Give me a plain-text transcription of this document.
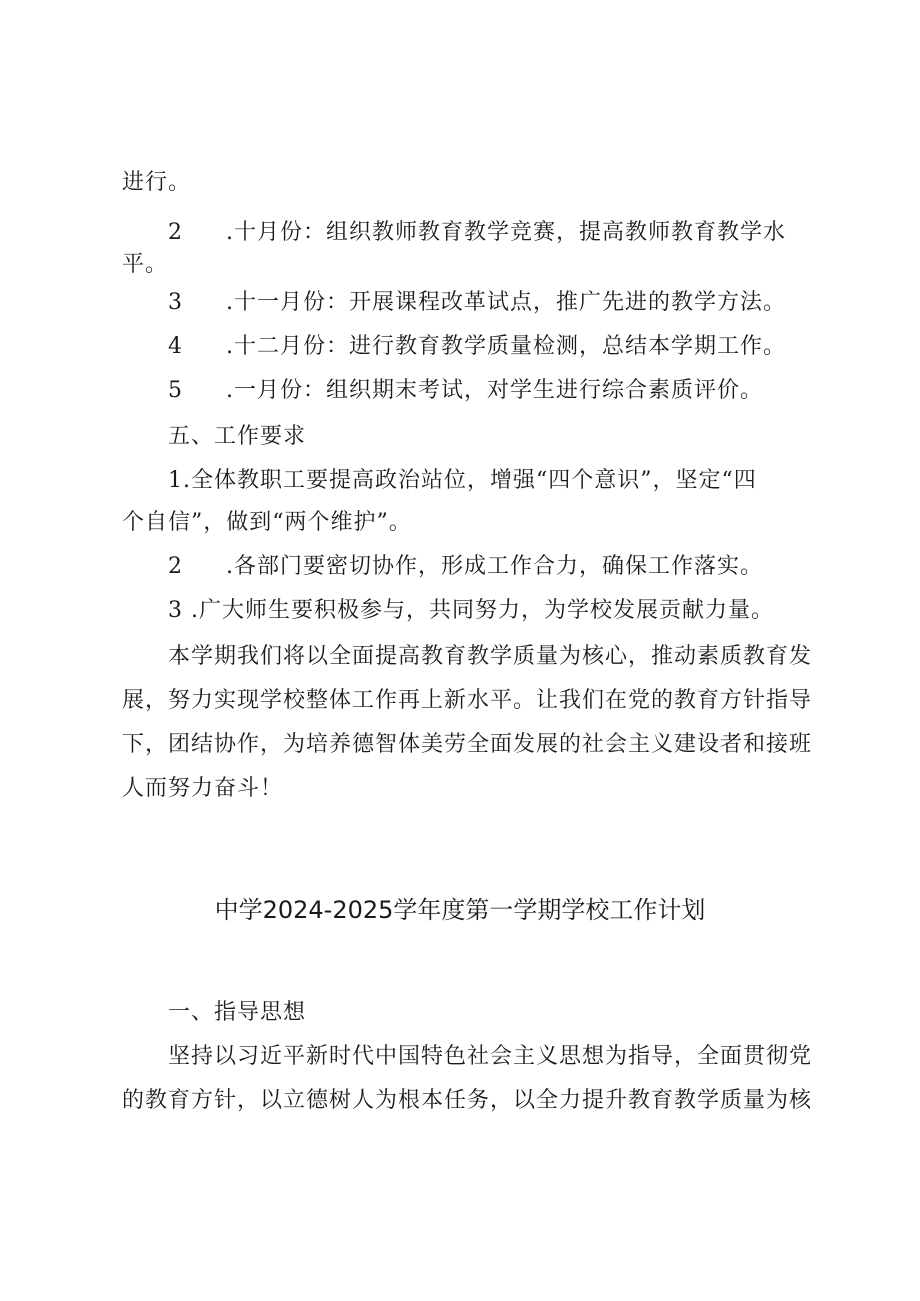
进行。
2 .十月份：组织教师教育教学竞赛，提高教师教育教学水
平。
3 .十一月份：开展课程改革试点，推广先进的教学方法。
4 .十二月份：进行教育教学质量检测，总结本学期工作。
5 .一月份：组织期末考试，对学生进行综合素质评价。
五、工作要求
1.全体教职工要提高政治站位，增强“四个意识”，坚定“四
个自信”，做到“两个维护”。
2 .各部门要密切协作，形成工作合力，确保工作落实。
3 .广大师生要积极参与，共同努力，为学校发展贡献力量。
本学期我们将以全面提高教育教学质量为核心，推动素质教育发
展，努力实现学校整体工作再上新水平。让我们在党的教育方针指导
下，团结协作，为培养德智体美劳全面发展的社会主义建设者和接班
人而努力奋斗！
中学2024-2025学年度第一学期学校工作计划
一、指导思想
坚持以习近平新时代中国特色社会主义思想为指导，全面贯彻党
的教育方针，以立德树人为根本任务，以全力提升教育教学质量为核
